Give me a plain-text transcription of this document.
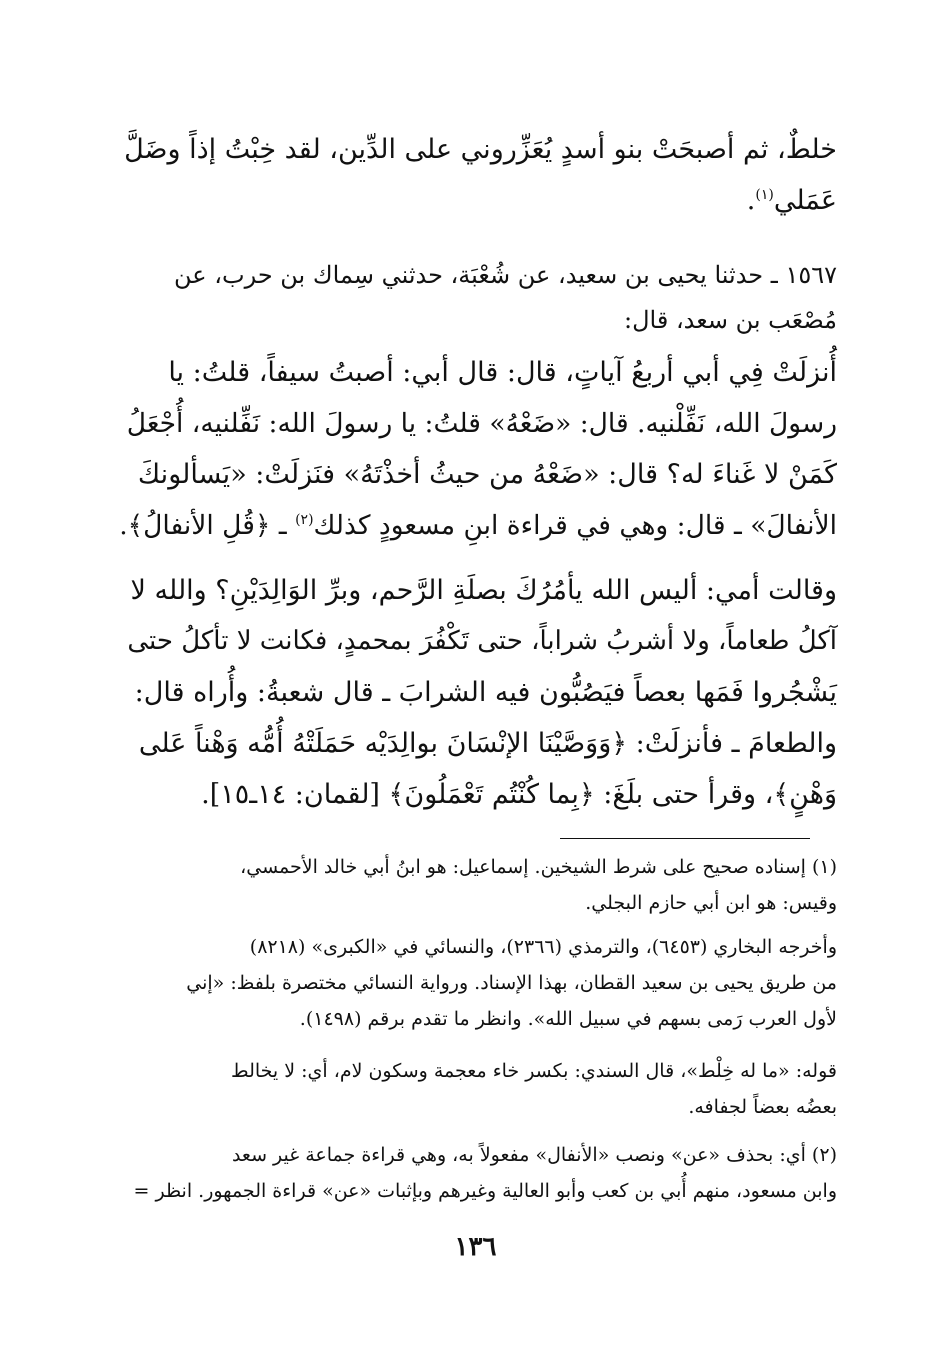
خلطٌ، ثم أصبحَتْ بنو أسدٍ يُعَزِّروني على الدِّين، لقد خِبْتُ إذاً وضَلَّ
عَمَلي$^{(١)}$.
١٥٦٧ ـ حدثنا يحيى بن سعيد، عن شُعْبَة، حدثني سِماك بن حرب، عن
مُصْعَب بن سعد، قال:
أُنزلَتْ فِي أبي أربعُ آياتٍ، قال: قال أبي: أصبتُ سيفاً، قلتُ: يا
رسولَ الله، نَفِّلْنيه. قال: «ضَعْهُ» قلتُ: يا رسولَ الله: نَفِّلنيه، أُجْعَلُ
كَمَنْ لا غَناءَ له؟ قال: «ضَعْهُ من حيثُ أخذْتَهُ» فنَزلَتْ: «يَسألونكَ
الأنفالَ» ـ قال: وهي في قراءة ابنِ مسعودٍ كذلك$^{(٢)}$ ـ ﴿قُلِ الأنفالُ﴾.
وقالت أمي: أليس الله يأمُرُكَ بصلَةِ الرَّحم، وبرِّ الوَالِدَيْنِ؟ والله لا
آكلُ طعاماً، ولا أشربُ شراباً، حتى تَكْفُرَ بمحمدٍ، فكانت لا تأكلُ حتى
يَشْجُروا فَمَها بعصاً فيَصُبُّون فيه الشرابَ ـ قال شعبةُ: وأُراه قال:
والطعامَ ـ فأنزلَتْ: ﴿وَوَصَّيْنَا الإنْسَانَ بوالِدَيْه حَمَلَتْهُ أُمُّه وَهْناً عَلى
وَهْنٍ﴾، وقرأ حتى بلَغَ: ﴿بِما كُنْتُم تَعْمَلُونَ﴾ [لقمان: ١٤ـ١٥].
(١) إسناده صحيح على شرط الشيخين. إسماعيل: هو ابنُ أبي خالد الأحمسي،
وقيس: هو ابن أبي حازم البجلي.
وأخرجه البخاري (٦٤٥٣)، والترمذي (٢٣٦٦)، والنسائي في «الكبرى» (٨٢١٨)
من طريق يحيى بن سعيد القطان، بهذا الإسناد. ورواية النسائي مختصرة بلفظ: «إني
لأول العرب رَمى بسهم في سبيل الله». وانظر ما تقدم برقم (١٤٩٨).
قوله: «ما له خِلْط»، قال السندي: بكسر خاء معجمة وسكون لام، أي: لا يخالط
بعضُه بعضاً لجفافه.
(٢) أي: بحذف «عن» ونصب «الأنفال» مفعولاً به، وهي قراءة جماعة غير سعد
وابن مسعود، منهم أُبي بن كعب وأبو العالية وغيرهم وبإثبات «عن» قراءة الجمهور. انظر =
١٣٦
